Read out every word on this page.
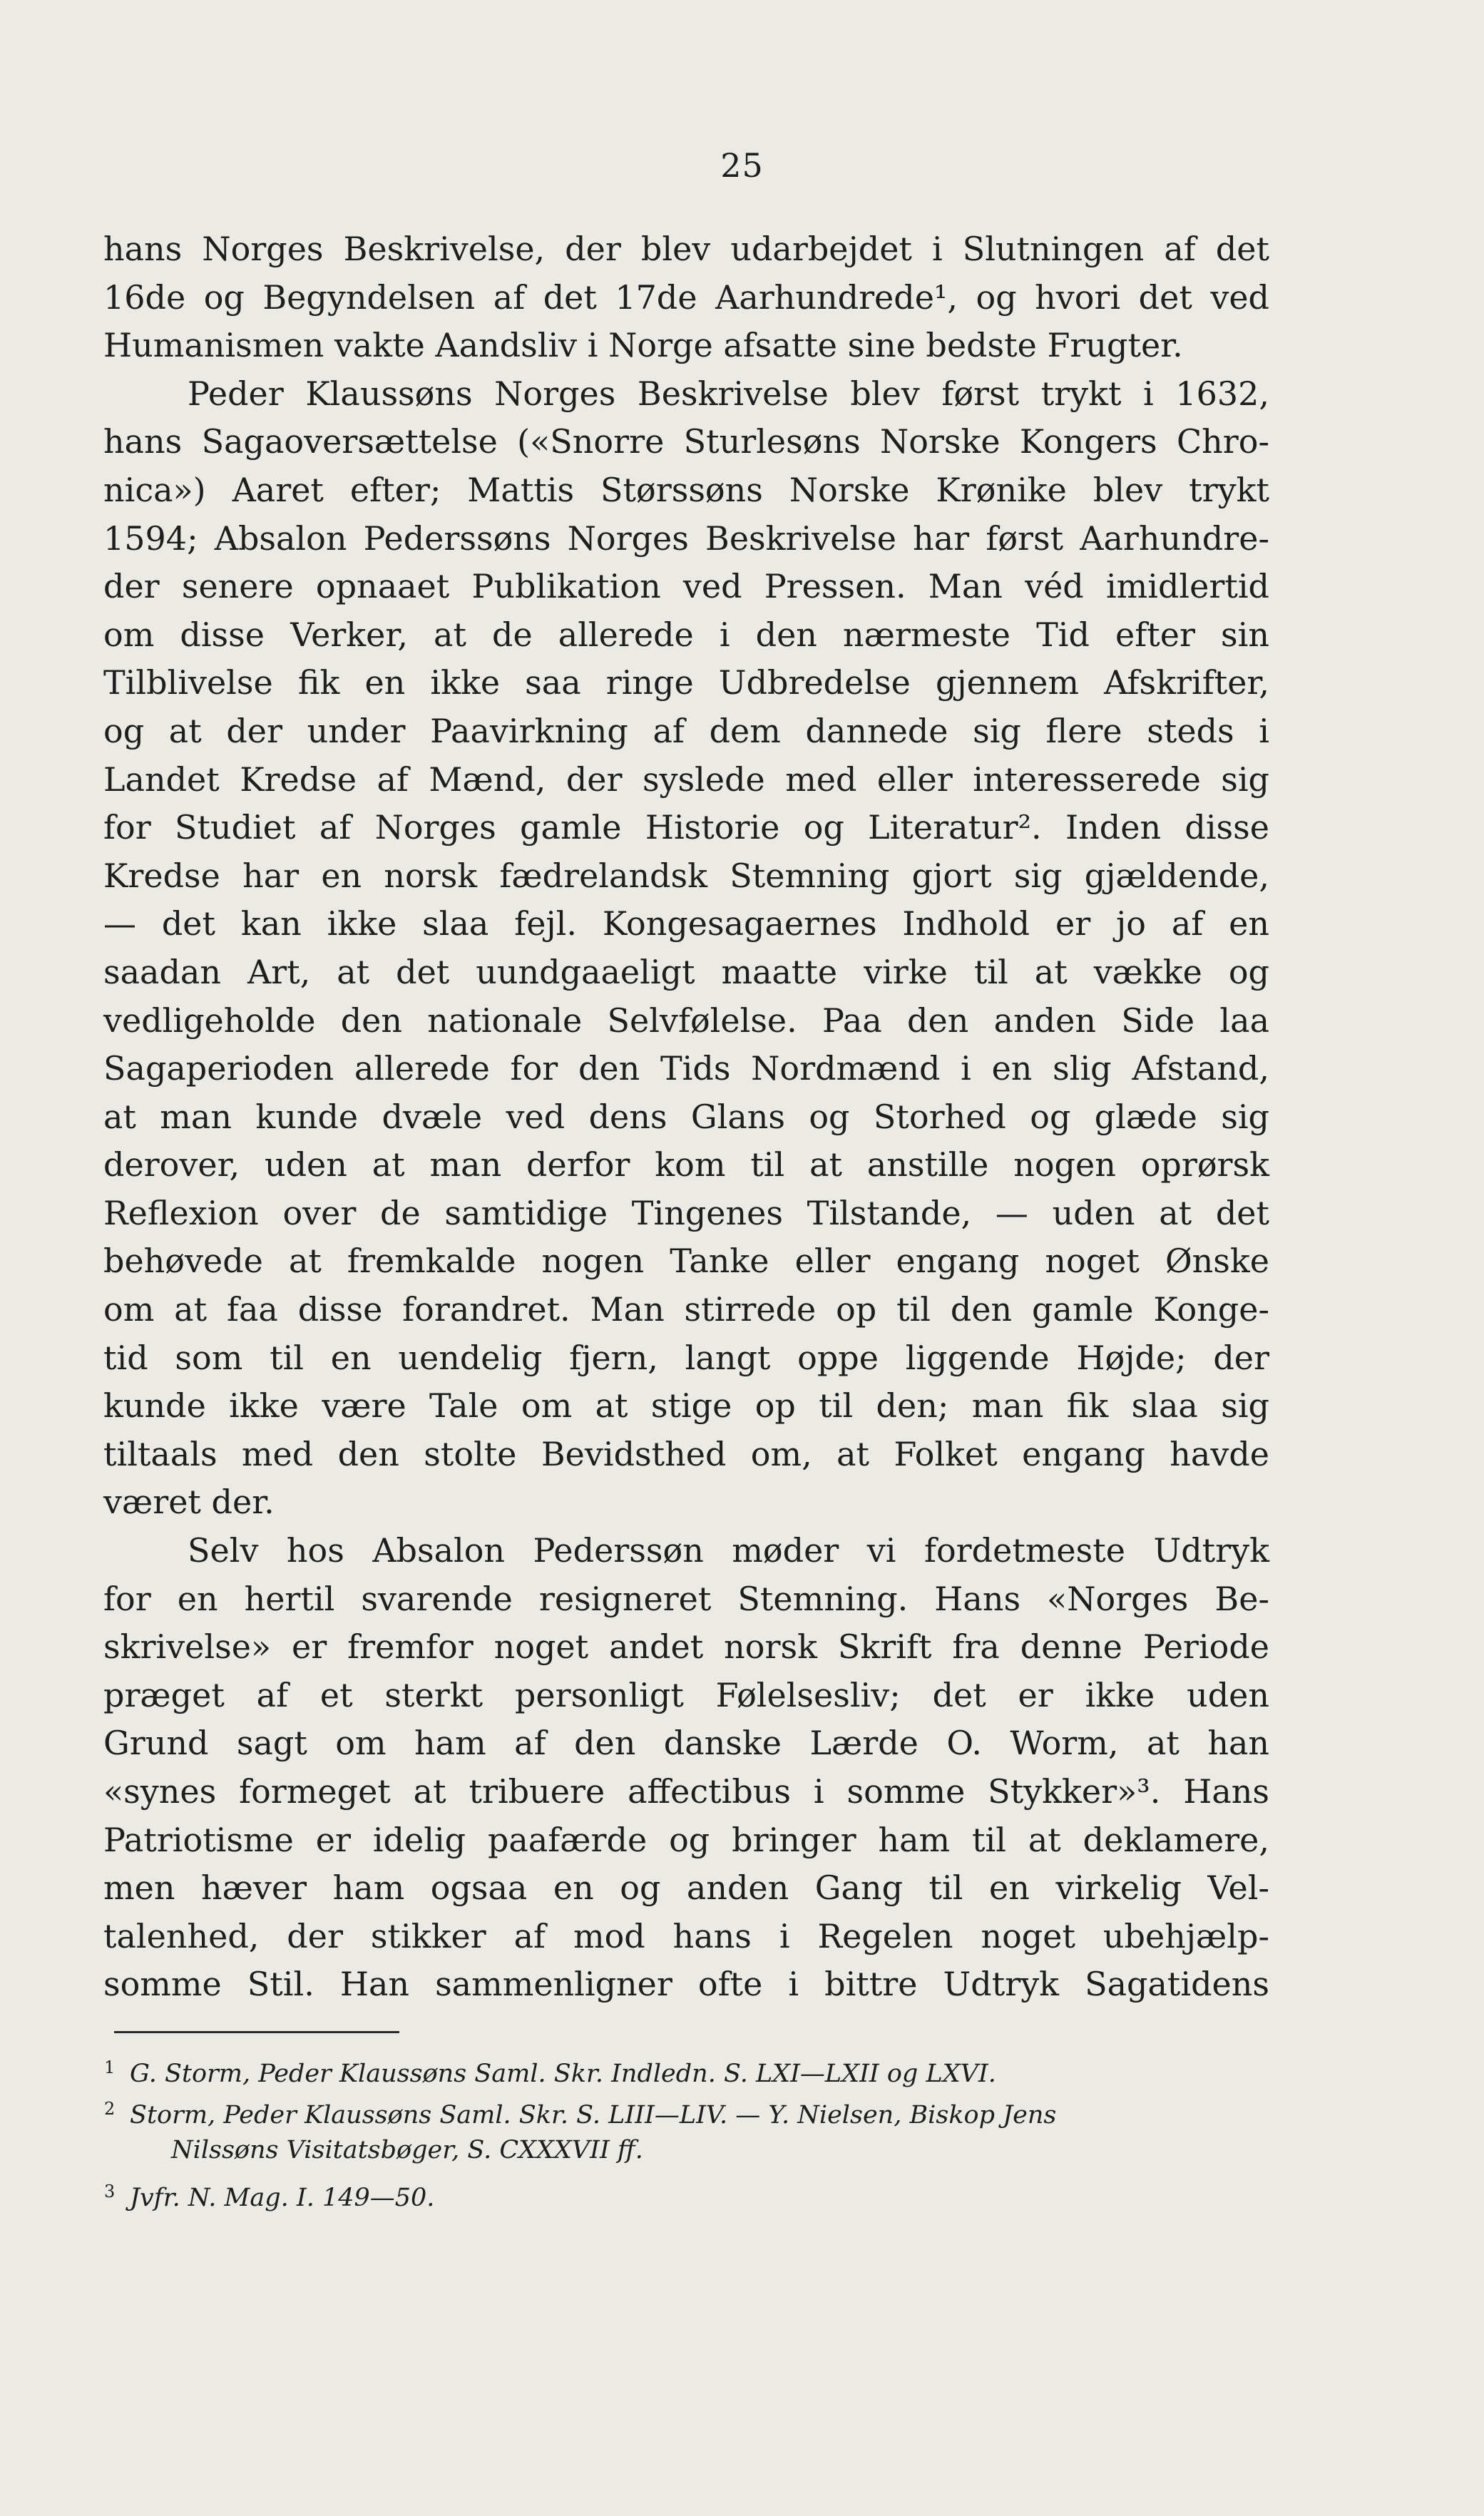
25
hans Norges Beskrivelse, der blev udarbejdet i Slutningen af det
16de og Begyndelsen af det 17de Aarhundrede¹, og hvori det ved
Humanismen vakte Aandsliv i Norge afsatte sine bedste Frugter.
Peder Klaussøns Norges Beskrivelse blev først trykt i 1632,
hans Sagaoversættelse («Snorre Sturlesøns Norske Kongers Chro-
nica») Aaret efter; Mattis Størssøns Norske Krønike blev trykt
1594; Absalon Pederssøns Norges Beskrivelse har først Aarhundre-
der senere opnaaet Publikation ved Pressen. Man véd imidlertid
om disse Verker, at de allerede i den nærmeste Tid efter sin
Tilblivelse fik en ikke saa ringe Udbredelse gjennem Afskrifter,
og at der under Paavirkning af dem dannede sig flere steds i
Landet Kredse af Mænd, der syslede med eller interesserede sig
for Studiet af Norges gamle Historie og Literatur². Inden disse
Kredse har en norsk fædrelandsk Stemning gjort sig gjældende,
— det kan ikke slaa fejl. Kongesagaernes Indhold er jo af en
saadan Art, at det uundgaaeligt maatte virke til at vække og
vedligeholde den nationale Selvfølelse. Paa den anden Side laa
Sagaperioden allerede for den Tids Nordmænd i en slig Afstand,
at man kunde dvæle ved dens Glans og Storhed og glæde sig
derover, uden at man derfor kom til at anstille nogen oprørsk
Reflexion over de samtidige Tingenes Tilstande, — uden at det
behøvede at fremkalde nogen Tanke eller engang noget Ønske
om at faa disse forandret. Man stirrede op til den gamle Konge-
tid som til en uendelig fjern, langt oppe liggende Højde; der
kunde ikke være Tale om at stige op til den; man fik slaa sig
tiltaals med den stolte Bevidsthed om, at Folket engang havde
været der.
Selv hos Absalon Pederssøn møder vi fordetmeste Udtryk
for en hertil svarende resigneret Stemning. Hans «Norges Be-
skrivelse» er fremfor noget andet norsk Skrift fra denne Periode
præget af et sterkt personligt Følelsesliv; det er ikke uden
Grund sagt om ham af den danske Lærde O. Worm, at han
«synes formeget at tribuere affectibus i somme Stykker»³. Hans
Patriotisme er idelig paafærde og bringer ham til at deklamere,
men hæver ham ogsaa en og anden Gang til en virkelig Vel-
talenhed, der stikker af mod hans i Regelen noget ubehjælp-
somme Stil. Han sammenligner ofte i bittre Udtryk Sagatidens
1 G. Storm, Peder Klaussøns Saml. Skr. Indledn. S. LXI—LXII og LXVI.
2 Storm, Peder Klaussøns Saml. Skr. S. LIII—LIV. — Y. Nielsen, Biskop Jens
Nilssøns Visitatsbøger, S. CXXXVII ff.
3 Jvfr. N. Mag. I. 149—50.
